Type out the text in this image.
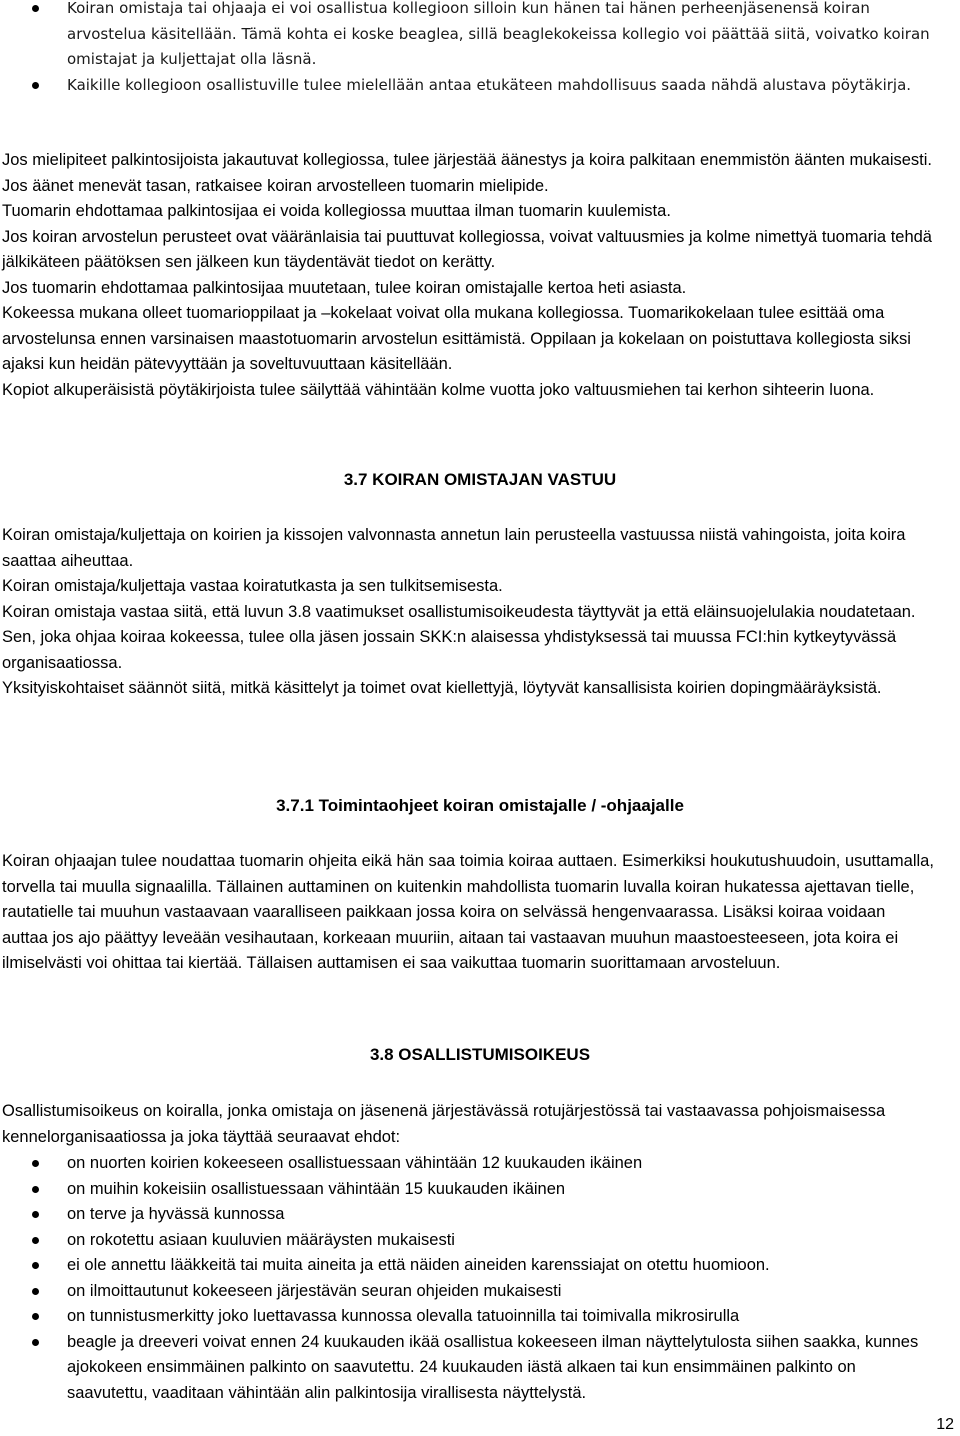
Koiran omistaja tai ohjaaja ei voi osallistua kollegioon silloin kun hänen tai hänen perheenjäsenensä koiran arvostelua käsitellään. Tämä kohta ei koske beaglea, sillä beaglekokeissa kollegio voi päättää siitä, voivatko koiran omistajat ja kuljettajat olla läsnä.
Kaikille kollegioon osallistuville tulee mielellään antaa etukäteen mahdollisuus saada nähdä alustava pöytäkirja.

Jos mielipiteet palkintosijoista jakautuvat kollegiossa, tulee järjestää äänestys ja koira palkitaan enemmistön äänten mukaisesti. Jos äänet menevät tasan, ratkaisee koiran arvostelleen tuomarin mielipide.

Tuomarin ehdottamaa palkintosijaa ei voida kollegiossa muuttaa ilman tuomarin kuulemista.

Jos koiran arvostelun perusteet ovat vääränlaisia tai puuttuvat kollegiossa, voivat valtuusmies ja kolme nimettyä tuomaria tehdä jälkikäteen päätöksen sen jälkeen kun täydentävät tiedot on kerätty.

Jos tuomarin ehdottamaa palkintosijaa muutetaan, tulee koiran omistajalle kertoa heti asiasta.

Kokeessa mukana olleet tuomarioppilaat ja –kokelaat voivat olla mukana kollegiossa. Tuomarikokelaan tulee esittää oma arvostelunsa ennen varsinaisen maastotuomarin arvostelun esittämistä. Oppilaan ja kokelaan on poistuttava kollegiosta siksi ajaksi kun heidän pätevyyttään ja soveltuvuuttaan käsitellään.

Kopiot alkuperäisistä pöytäkirjoista tulee säilyttää vähintään kolme vuotta joko valtuusmiehen tai kerhon sihteerin luona.

3.7 KOIRAN OMISTAJAN VASTUU

Koiran omistaja/kuljettaja on koirien ja kissojen valvonnasta annetun lain perusteella vastuussa niistä vahingoista, joita koira saattaa aiheuttaa.

Koiran omistaja/kuljettaja vastaa koiratutkasta ja sen tulkitsemisesta.

Koiran omistaja vastaa siitä, että luvun 3.8 vaatimukset osallistumisoikeudesta täyttyvät ja että eläinsuojelulakia noudatetaan.

Sen, joka ohjaa koiraa kokeessa, tulee olla jäsen jossain SKK:n alaisessa yhdistyksessä tai muussa FCI:hin kytkeytyvässä organisaatiossa.

Yksityiskohtaiset säännöt siitä, mitkä käsittelyt ja toimet ovat kiellettyjä, löytyvät kansallisista koirien dopingmääräyksistä.

3.7.1 Toimintaohjeet koiran omistajalle / -ohjaajalle

Koiran ohjaajan tulee noudattaa tuomarin ohjeita eikä hän saa toimia koiraa auttaen. Esimerkiksi houkutushuudoin, usuttamalla, torvella tai muulla signaalilla. Tällainen auttaminen on kuitenkin mahdollista tuomarin luvalla koiran hukatessa ajettavan tielle, rautatielle tai muuhun vastaavaan vaaralliseen paikkaan jossa koira on selvässä hengenvaarassa. Lisäksi koiraa voidaan auttaa jos ajo päättyy leveään vesihautaan, korkeaan muuriin, aitaan tai vastaavan muuhun maastoesteeseen, jota koira ei ilmiselvästi voi ohittaa tai kiertää. Tällaisen auttamisen ei saa vaikuttaa tuomarin suorittamaan arvosteluun.

3.8 OSALLISTUMISOIKEUS

Osallistumisoikeus on koiralla, jonka omistaja on jäsenenä järjestävässä rotujärjestössä tai vastaavassa pohjoismaisessa kennelorganisaatiossa ja joka täyttää seuraavat ehdot:

on nuorten koirien kokeeseen osallistuessaan vähintään 12 kuukauden ikäinen
on muihin kokeisiin osallistuessaan vähintään 15 kuukauden ikäinen
on terve ja hyvässä kunnossa
on rokotettu asiaan kuuluvien määräysten mukaisesti
ei ole annettu lääkkeitä tai muita aineita ja että näiden aineiden karenssiajat on otettu huomioon.
on ilmoittautunut kokeeseen järjestävän seuran ohjeiden mukaisesti
on tunnistusmerkitty joko luettavassa kunnossa olevalla tatuoinnilla tai toimivalla mikrosirulla
beagle ja dreeveri voivat ennen 24 kuukauden ikää osallistua kokeeseen ilman näyttelytulosta siihen saakka, kunnes ajokokeen ensimmäinen palkinto on saavutettu. 24 kuukauden iästä alkaen tai kun ensimmäinen palkinto on saavutettu, vaaditaan vähintään alin palkintosija virallisesta näyttelystä.
12
